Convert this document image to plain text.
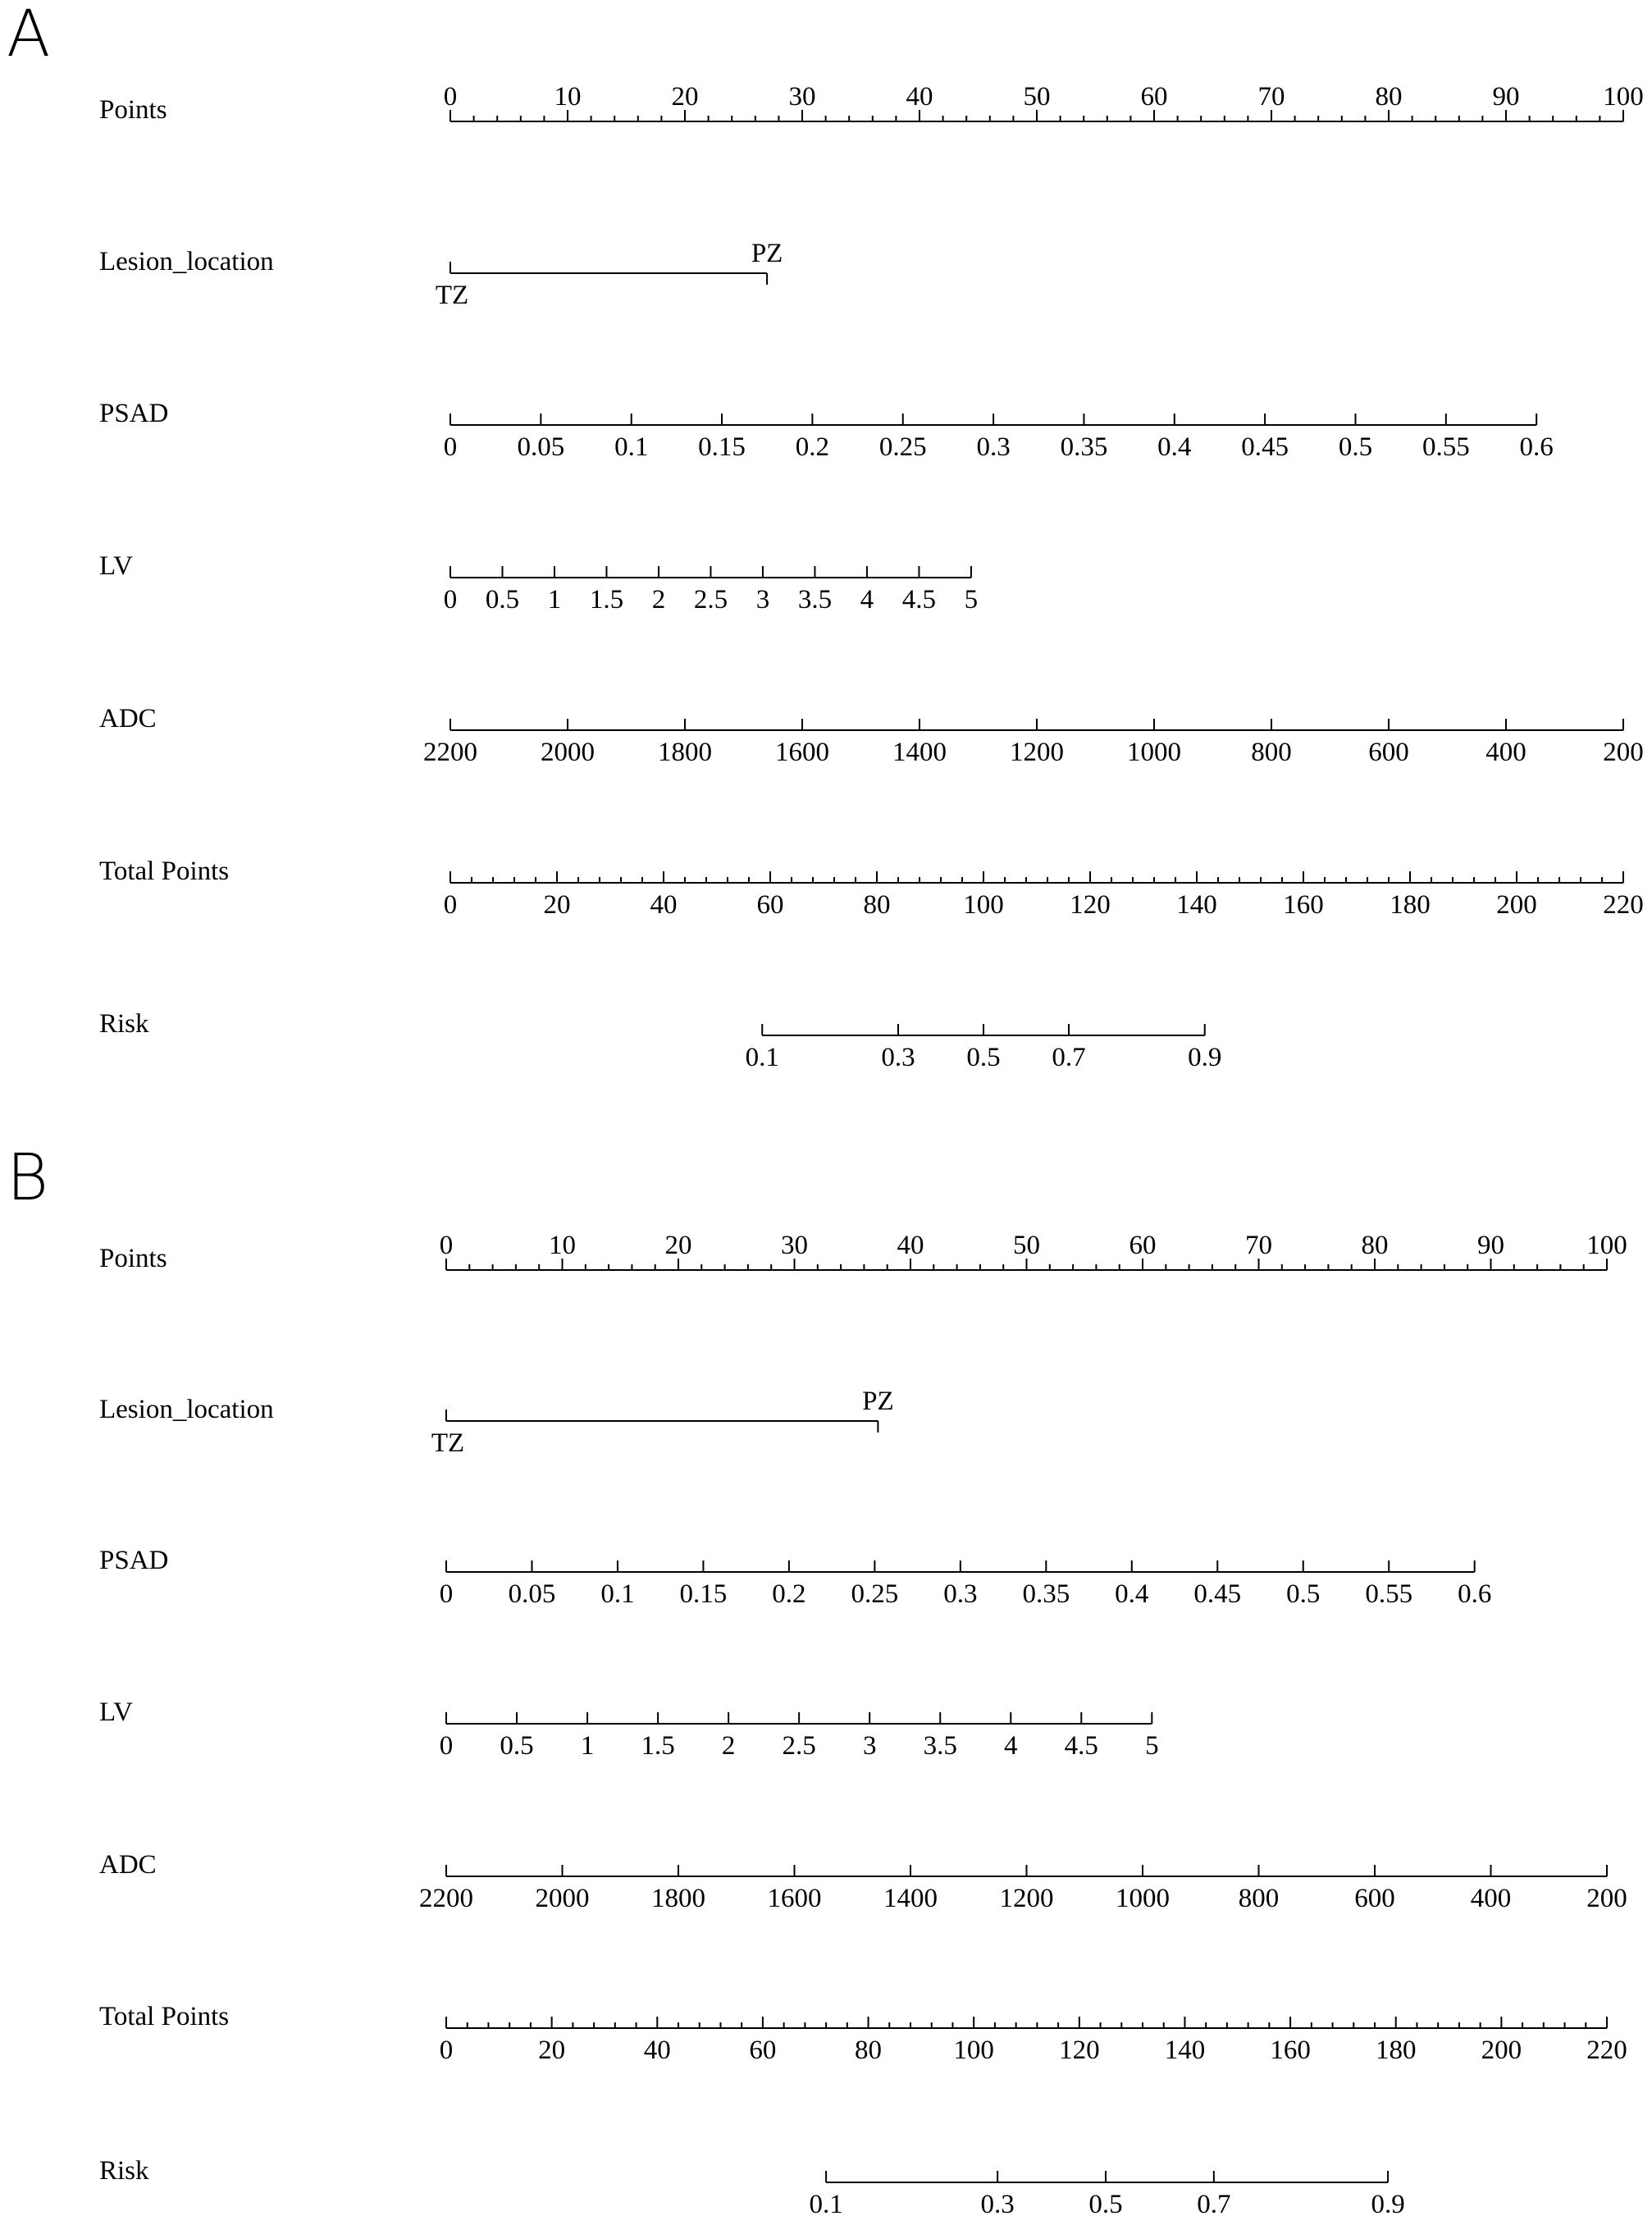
A
Points	0	10	20	30	40	50	60	70	80	90	100
Lesion_location
TZ
PZ
PSAD
0 0.05 0.1 0.15 0.2 0.25 0.3 0.35 0.4 0.45 0.5 0.55 0.6
LV
0 0.5 1 1.5 2 2.5 3 3.5 4 4.5 5
ADC
2200 2000 1800 1600 1400 1200 1000	800	600	400	200
Total Points
0	20	40	60	80	100 120 140 160 180 200 220
Risk
0.1	0.3 0.5 0.7	0.9
B
Points	0	10	20	30	40	50	60	70	80	90	100
Lesion_location
TZ
PZ
PSAD
0 0.05 0.1 0.15 0.2 0.25 0.3 0.35 0.4 0.45 0.5 0.55 0.6
LV
0 0.5 1 1.5 2 2.5 3 3.5 4 4.5 5
ADC
2200 2000 1800 1600 1400 1200 1000	800	600	400	200
Total Points
0	20	40	60	80	100 120 140 160 180 200 220
Risk
0.1	0.3	0.5	0.7	0.9
